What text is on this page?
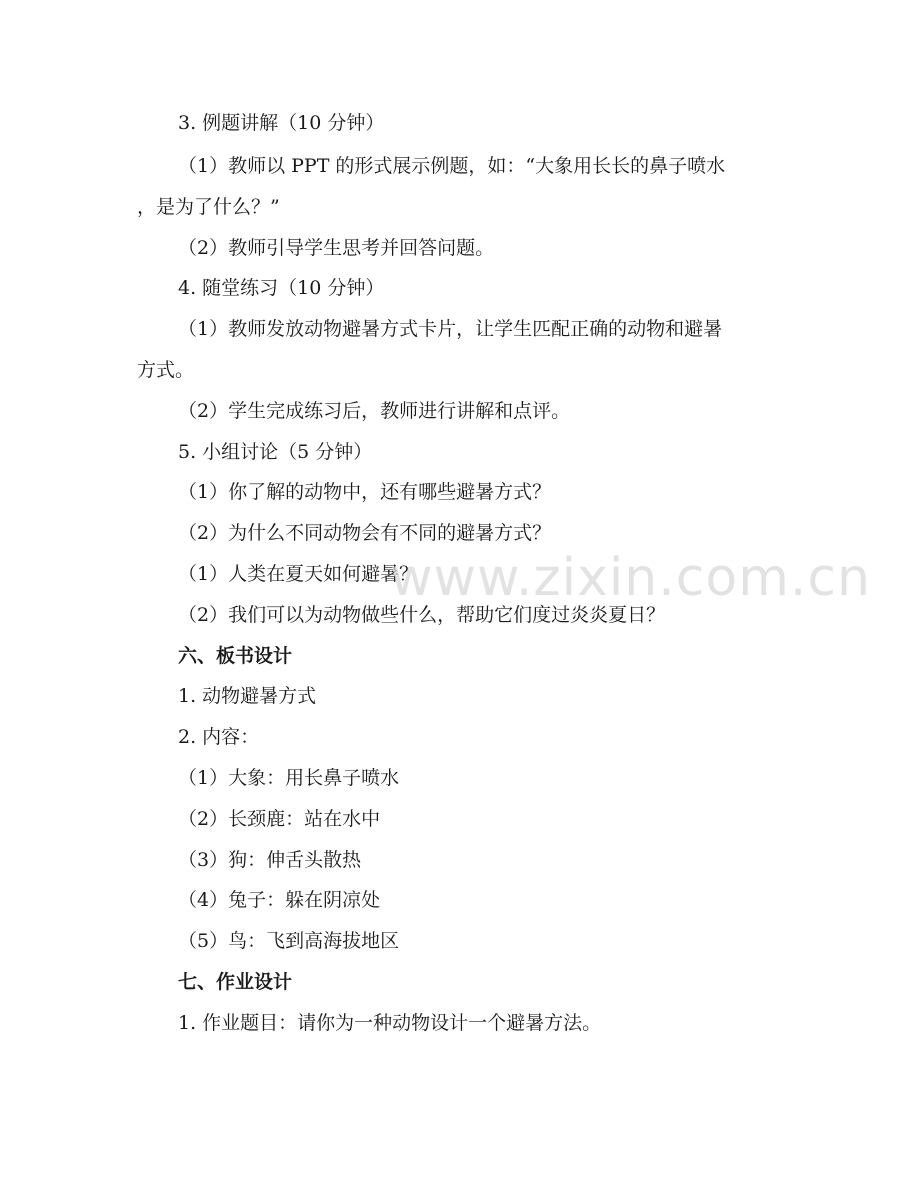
3. 例题讲解（10 分钟）
（1）教师以 PPT 的形式展示例题，如：“大象用长长的鼻子喷水
，是为了什么？”
（2）教师引导学生思考并回答问题。
4. 随堂练习（10 分钟）
（1）教师发放动物避暑方式卡片，让学生匹配正确的动物和避暑
方式。
（2）学生完成练习后，教师进行讲解和点评。
5. 小组讨论（5 分钟）
（1）你了解的动物中，还有哪些避暑方式？
（2）为什么不同动物会有不同的避暑方式？
（1）人类在夏天如何避暑？
（2）我们可以为动物做些什么，帮助它们度过炎炎夏日？
六、板书设计
1. 动物避暑方式
2. 内容：
（1）大象：用长鼻子喷水
（2）长颈鹿：站在水中
（3）狗：伸舌头散热
（4）兔子：躲在阴凉处
（5）鸟：飞到高海拔地区
七、作业设计
1. 作业题目：请你为一种动物设计一个避暑方法。
www.zixin.com.cn
